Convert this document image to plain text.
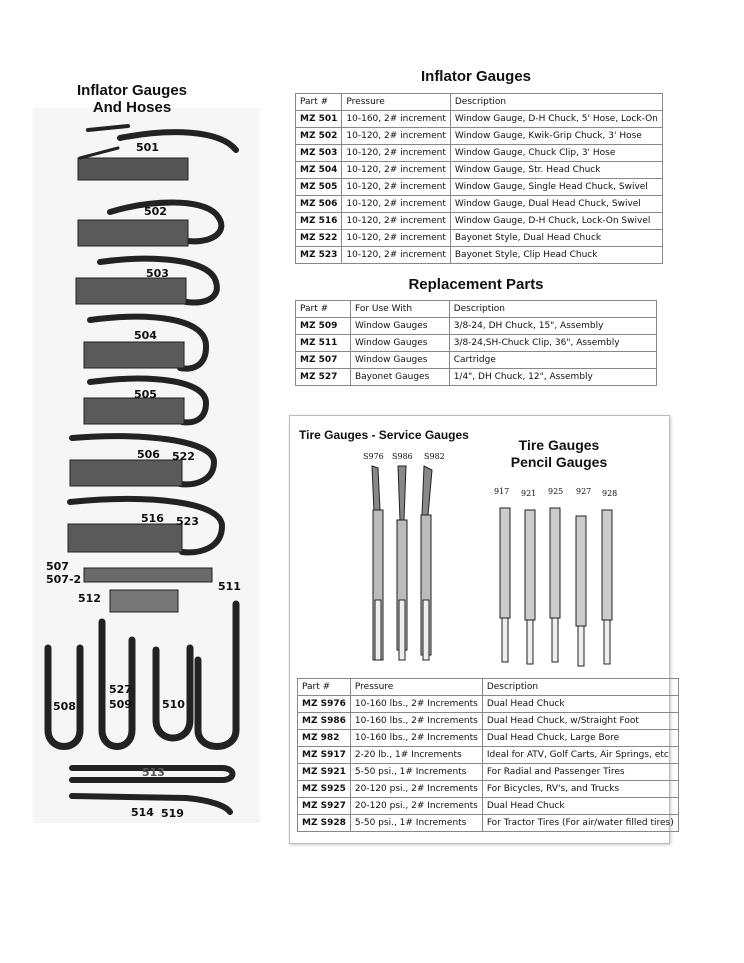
Inflator Gauges
And Hoses
501
502
503
504
505
506 522
516 523
507
507-2
511
512
527
508	509	510
513
514 519
Inflator Gauges
Part #	Pressure	Description
MZ 501	10-160, 2# increment	Window Gauge, D-H Chuck, 5' Hose, Lock-On
MZ 502	10-120, 2# increment	Window Gauge, Kwik-Grip Chuck, 3' Hose
MZ 503	10-120, 2# increment	Window Gauge, Chuck Clip, 3' Hose
MZ 504	10-120, 2# increment	Window Gauge, Str. Head Chuck
MZ 505	10-120, 2# increment	Window Gauge, Single Head Chuck, Swivel
MZ 506	10-120, 2# increment	Window Gauge, Dual Head Chuck, Swivel
MZ 516	10-120, 2# increment	Window Gauge, D-H Chuck, Lock-On Swivel
MZ 522	10-120, 2# increment	Bayonet Style, Dual Head Chuck
MZ 523	10-120, 2# increment	Bayonet Style, Clip Head Chuck
Replacement Parts
Part #	For Use With	Description
MZ 509	Window Gauges	3/8-24, DH Chuck, 15", Assembly
MZ 511	Window Gauges	3/8-24,SH-Chuck Clip, 36", Assembly
MZ 507	Window Gauges	Cartridge
MZ 527	Bayonet Gauges	1/4", DH Chuck, 12", Assembly
Tire Gauges - Service Gauges
Tire Gauges
Pencil Gauges
S976 S986 S982
917 921 925 927 928
Part #	Pressure	Description
MZ S976	10-160 lbs., 2# Increments	Dual Head Chuck
MZ S986	10-160 lbs., 2# Increments	Dual Head Chuck, w/Straight Foot
MZ 982	10-160 lbs., 2# Increments	Dual Head Chuck, Large Bore
MZ S917	2-20 lb., 1# Increments	Ideal for ATV, Golf Carts, Air Springs, etc
MZ S921	5-50 psi., 1# Increments	For Radial and Passenger Tires
MZ S925	20-120 psi., 2# Increments	For Bicycles, RV's, and Trucks
MZ S927	20-120 psi., 2# Increments	Dual Head Chuck
MZ S928	5-50 psi., 1# Increments	For Tractor Tires (For air/water filled tires)
